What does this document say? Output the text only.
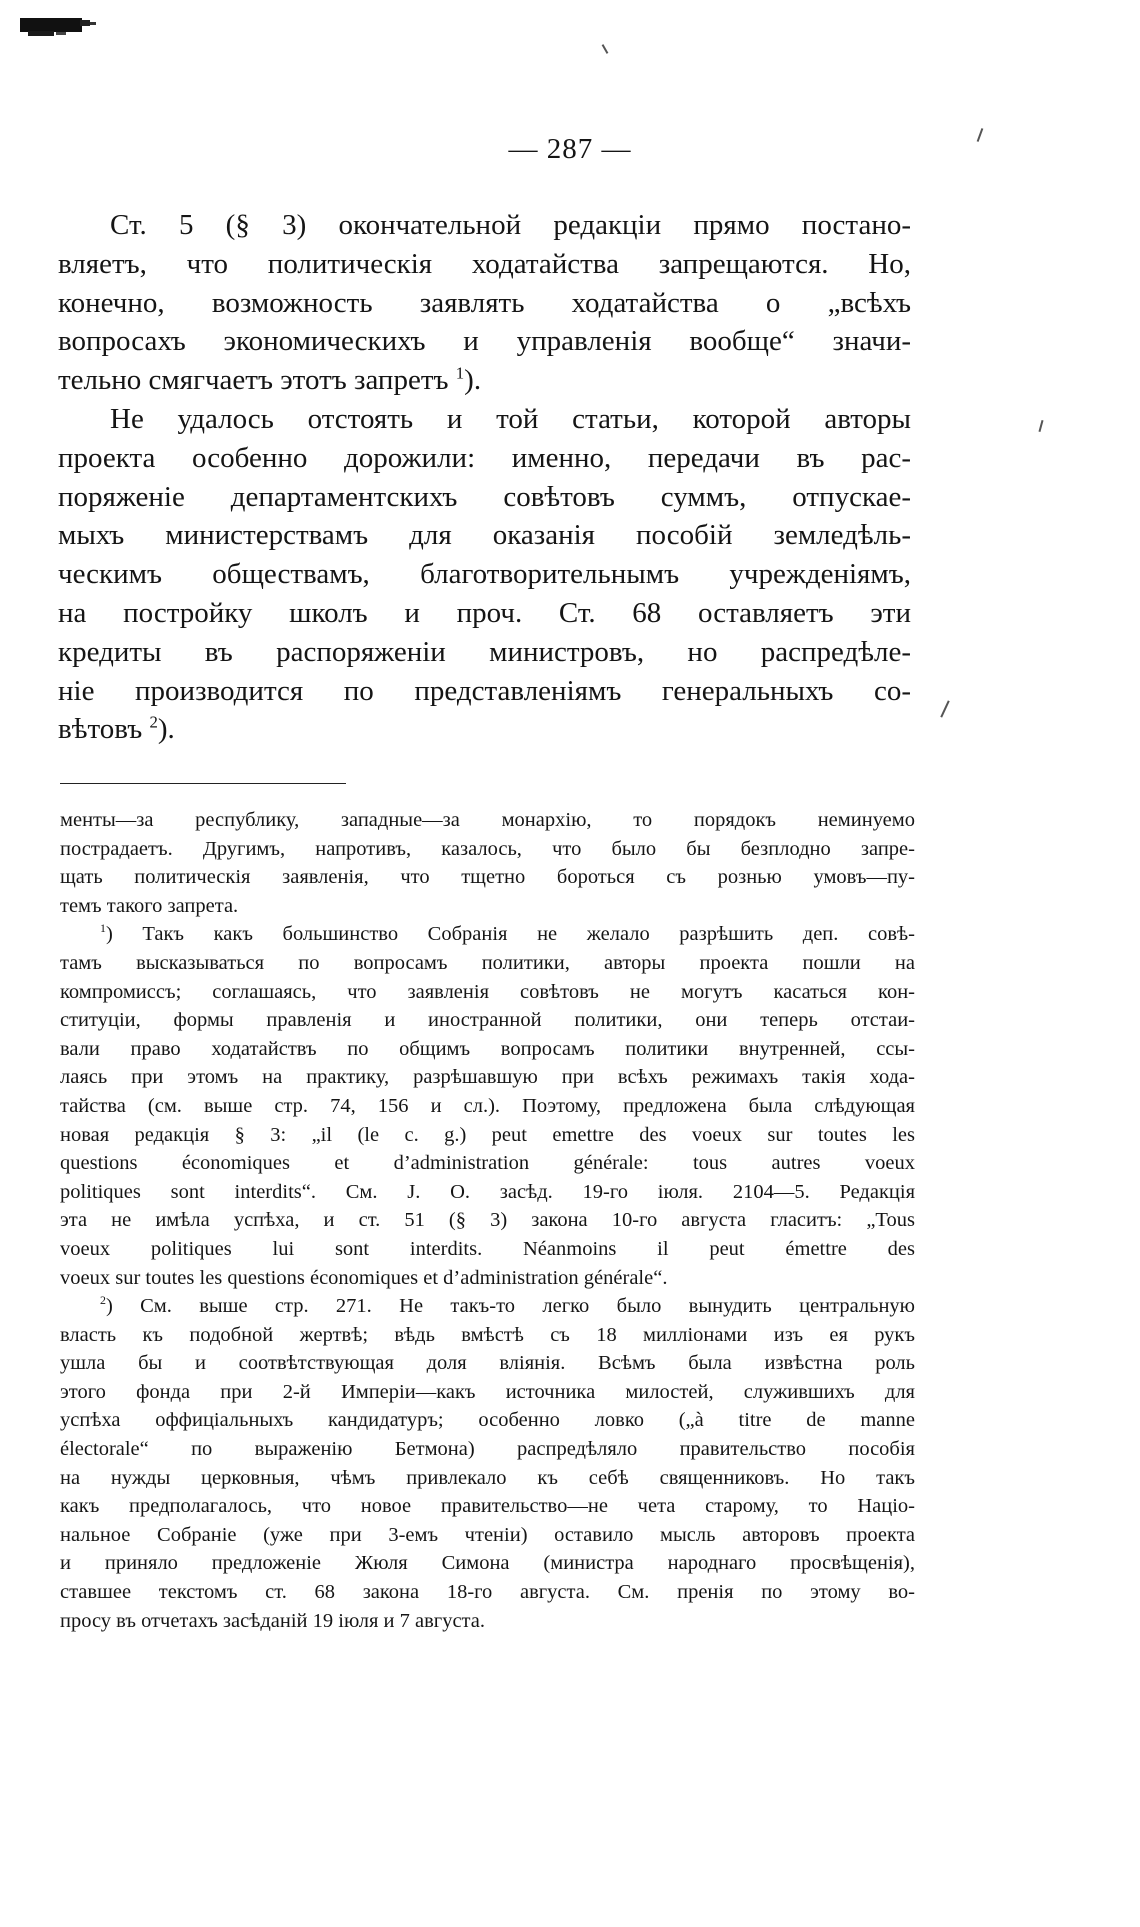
— 287 —

Ст. 5 (§ 3) окончательной редакціи прямо постано-
вляетъ, что политическія ходатайства запрещаются. Но,
конечно, возможность заявлять ходатайства о „всѣхъ
вопросахъ экономическихъ и управленія вообще“ значи-
тельно смягчаетъ этотъ запретъ $^1$).

Не удалось отстоять и той статьи, которой авторы
проекта особенно дорожили: именно, передачи въ рас-
поряженіе департаментскихъ совѣтовъ суммъ, отпускае-
мыхъ министерствамъ для оказанія пособій земледѣль-
ческимъ обществамъ, благотворительнымъ учрежденіямъ,
на постройку школъ и проч. Ст. 68 оставляетъ эти
кредиты въ распоряженіи министровъ, но распредѣле-
ніе производится по представленіямъ генеральныхъ со-
вѣтовъ $^2$).

менты—за республику, западные—за монархію, то порядокъ неминуемо
пострадаетъ. Другимъ, напротивъ, казалось, что было бы безплодно запре-
щать политическія заявленія, что тщетно бороться съ рознью умовъ—пу-
темъ такого запрета.

$^1$) Такъ какъ большинство Собранія не желало разрѣшить деп. совѣ-
тамъ высказываться по вопросамъ политики, авторы проекта пошли на
компромиссъ; соглашаясь, что заявленія совѣтовъ не могутъ касаться кон-
ституціи, формы правленія и иностранной политики, они теперь отстаи-
вали право ходатайствъ по общимъ вопросамъ политики внутренней, ссы-
лаясь при этомъ на практику, разрѣшавшую при всѣхъ режимахъ такія хода-
тайства (см. выше стр. 74, 156 и сл.). Поэтому, предложена была слѣдующая
новая редакція § 3: „il (le c. g.) peut emettre des voeux sur toutes les
questions économiques et d’administration générale: tous autres voeux
politiques sont interdits“. См. J. O. засѣд. 19-го іюля. 2104—5. Редакція
эта не имѣла успѣха, и ст. 51 (§ 3) закона 10-го августа гласитъ: „Tous
voeux politiques lui sont interdits. Néanmoins il peut émettre des
voeux sur toutes les questions économiques et d’administration générale“.

$^2$) См. выше стр. 271. Не такъ-то легко было вынудить центральную
власть къ подобной жертвѣ; вѣдь вмѣстѣ съ 18 милліонами изъ ея рукъ
ушла бы и соотвѣтствующая доля вліянія. Всѣмъ была извѣстна роль
этого фонда при 2-й Имперіи—какъ источника милостей, служившихъ для
успѣха оффиціальныхъ кандидатуръ; особенно ловко („à titre de manne
électorale“ по выраженію Бетмона) распредѣляло правительство пособія
на нужды церковныя, чѣмъ привлекало къ себѣ священниковъ. Но такъ
какъ предполагалось, что новое правительство—не чета старому, то Націо-
нальное Собраніе (уже при 3-емъ чтеніи) оставило мысль авторовъ проекта
и приняло предложеніе Жюля Симона (министра народнаго просвѣщенія),
ставшее текстомъ ст. 68 закона 18-го августа. См. пренія по этому во-
просу въ отчетахъ засѣданій 19 іюля и 7 августа.
